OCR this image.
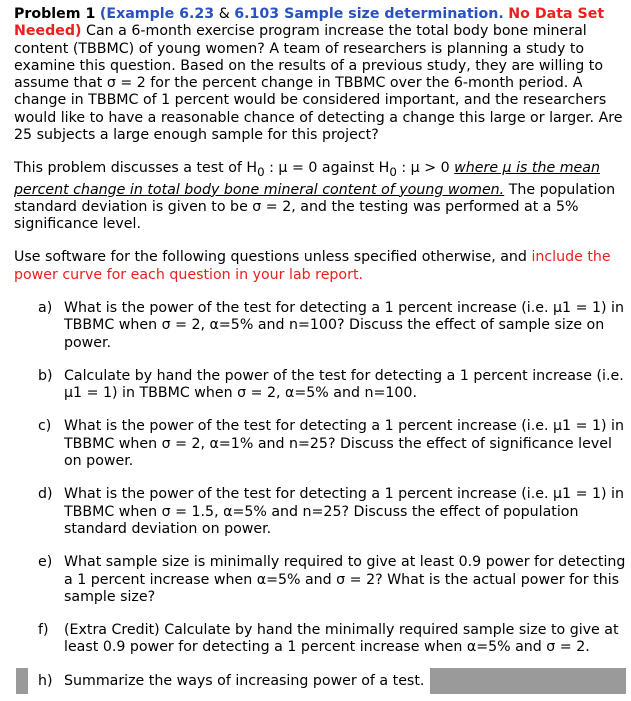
Problem 1 (Example 6.23 & 6.103 Sample size determination. No Data Set Needed) Can a 6-month exercise program increase the total body bone mineral content (TBBMC) of young women? A team of researchers is planning a study to examine this question. Based on the results of a previous study, they are willing to assume that σ = 2 for the percent change in TBBMC over the 6-month period. A change in TBBMC of 1 percent would be considered important, and the researchers would like to have a reasonable chance of detecting a change this large or larger. Are 25 subjects a large enough sample for this project?

This problem discusses a test of $H_0$ : μ = 0 against $H_0$ : μ > 0 where μ is the mean percent change in total body bone mineral content of young women. The population standard deviation is given to be σ = 2, and the testing was performed at a 5% significance level.

Use software for the following questions unless specified otherwise, and include the power curve for each question in your lab report.

a) What is the power of the test for detecting a 1 percent increase (i.e. μ1 = 1) in TBBMC when σ = 2, α=5% and n=100? Discuss the effect of sample size on power.
b) Calculate by hand the power of the test for detecting a 1 percent increase (i.e. μ1 = 1) in TBBMC when σ = 2, α=5% and n=100.
c) What is the power of the test for detecting a 1 percent increase (i.e. μ1 = 1) in TBBMC when σ = 2, α=1% and n=25? Discuss the effect of significance level on power.
d) What is the power of the test for detecting a 1 percent increase (i.e. μ1 = 1) in TBBMC when σ = 1.5, α=5% and n=25? Discuss the effect of population standard deviation on power.
e) What sample size is minimally required to give at least 0.9 power for detecting a 1 percent increase when α=5% and σ = 2? What is the actual power for this sample size?
f) (Extra Credit) Calculate by hand the minimally required sample size to give at least 0.9 power for detecting a 1 percent increase when α=5% and σ = 2.
h) Summarize the ways of increasing power of a test.
